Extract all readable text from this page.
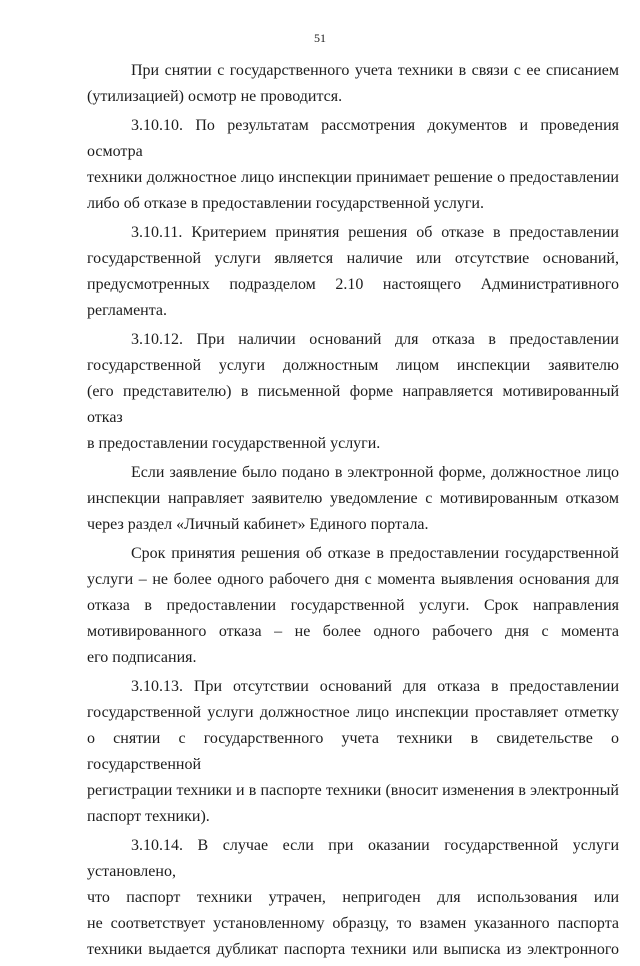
51

При снятии с государственного учета техники в связи с ее списанием
(утилизацией) осмотр не проводится.

3.10.10. По результатам рассмотрения документов и проведения осмотра
техники должностное лицо инспекции принимает решение о предоставлении
либо об отказе в предоставлении государственной услуги.

3.10.11. Критерием принятия решения об отказе в предоставлении
государственной услуги является наличие или отсутствие оснований,
предусмотренных подразделом 2.10 настоящего Административного
регламента.

3.10.12. При наличии оснований для отказа в предоставлении
государственной услуги должностным лицом инспекции заявителю
(его представителю) в письменной форме направляется мотивированный отказ
в предоставлении государственной услуги.

Если заявление было подано в электронной форме, должностное лицо
инспекции направляет заявителю уведомление с мотивированным отказом
через раздел «Личный кабинет» Единого портала.

Срок принятия решения об отказе в предоставлении государственной
услуги – не более одного рабочего дня с момента выявления основания для
отказа в предоставлении государственной услуги. Срок направления
мотивированного отказа – не более одного рабочего дня с момента
его подписания.

3.10.13. При отсутствии оснований для отказа в предоставлении
государственной услуги должностное лицо инспекции проставляет отметку
о снятии с государственного учета техники в свидетельстве о государственной
регистрации техники и в паспорте техники (вносит изменения в электронный
паспорт техники).

3.10.14. В случае если при оказании государственной услуги установлено,
что паспорт техники утрачен, непригоден для использования или
не соответствует установленному образцу, то взамен указанного паспорта
техники выдается дубликат паспорта техники или выписка из электронного
